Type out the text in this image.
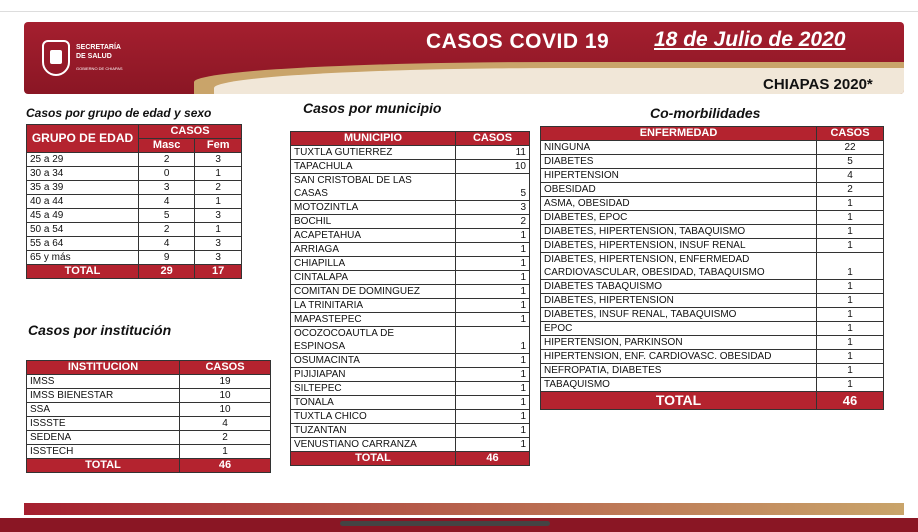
SECRETARÍA
DE SALUD
GOBIERNO DE CHIAPAS
CASOS COVID 19 18 de Julio de 2020
CHIAPAS 2020*
Casos por grupo de edad y sexo
GRUPO DE EDAD	CASOS	
	Masc	Fem
25 a 29	2	3
30 a 34	0	1
35 a 39	3	2
40 a 44	4	1
45 a 49	5	3
50 a 54	2	1
55 a 64	4	3
65 y más	9	3
TOTAL	29	17
Casos por institución
INSTITUCION	CASOS
IMSS	19
IMSS BIENESTAR	10
SSA	10
ISSSTE	4
SEDENA	2
ISSTECH	1
TOTAL	46
Casos por municipio
MUNICIPIO	CASOS

TUXTLA GUTIERREZ	11

TAPACHULA	10

SAN CRISTOBAL DE LAS
CASAS	5

MOTOZINTLA	3

BOCHIL	2

ACAPETAHUA	1

ARRIAGA	1

CHIAPILLA	1

CINTALAPA	1

COMITAN DE DOMINGUEZ	1

LA TRINITARIA	1

MAPASTEPEC	1

OCOZOCOAUTLA DE
ESPINOSA	1

OSUMACINTA	1

PIJIJIAPAN	1

SILTEPEC	1

TONALA	1

TUXTLA CHICO	1

TUZANTAN	1

VENUSTIANO CARRANZA	1
TOTAL	46
Co-morbilidades
ENFERMEDAD	CASOS

NINGUNA	22

DIABETES	5

HIPERTENSION	4

OBESIDAD	2

ASMA, OBESIDAD	1

DIABETES, EPOC	1

DIABETES, HIPERTENSION, TABAQUISMO	1

DIABETES, HIPERTENSION, INSUF RENAL	1

DIABETES, HIPERTENSION, ENFERMEDAD
CARDIOVASCULAR, OBESIDAD, TABAQUISMO	1

DIABETES TABAQUISMO	1

DIABETES, HIPERTENSION	1

DIABETES, INSUF RENAL, TABAQUISMO	1

EPOC	1

HIPERTENSION, PARKINSON	1

HIPERTENSION, ENF. CARDIOVASC. OBESIDAD	1

NEFROPATIA, DIABETES	1

TABAQUISMO	1
TOTAL	46
